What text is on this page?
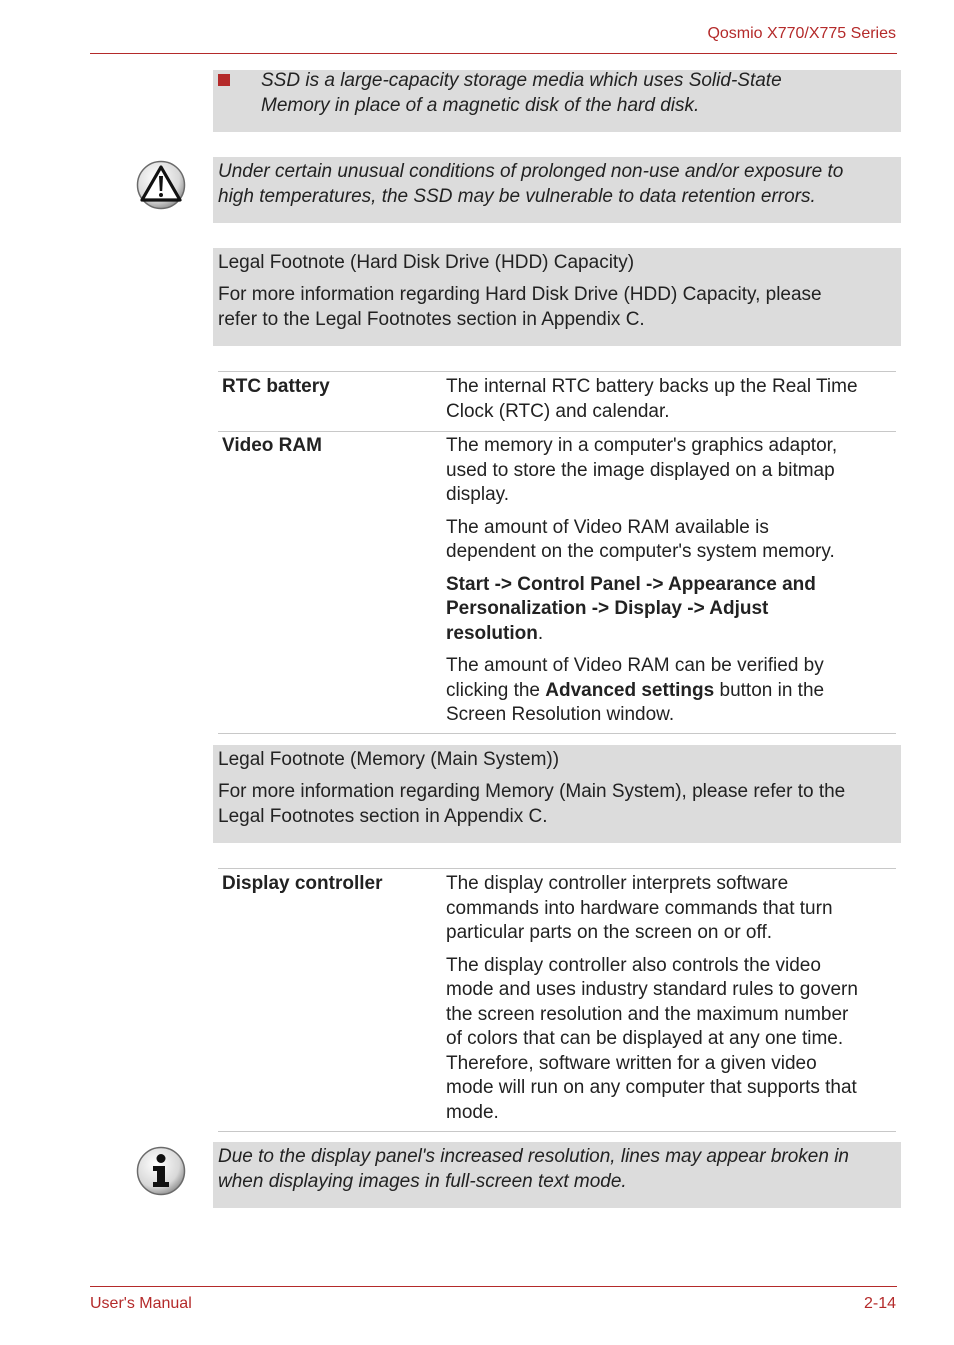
Qosmio X770/X775 Series
SSD is a large-capacity storage media which uses Solid-State
Memory in place of a magnetic disk of the hard disk.
Under certain unusual conditions of prolonged non-use and/or exposure to
high temperatures, the SSD may be vulnerable to data retention errors.
Legal Footnote (Hard Disk Drive (HDD) Capacity)
For more information regarding Hard Disk Drive (HDD) Capacity, please
refer to the Legal Footnotes section in Appendix C.
RTC battery	The internal RTC battery backs up the Real Time
Clock (RTC) and calendar.

Video RAM	The memory in a computer's graphics adaptor,
used to store the image displayed on a bitmap
display.

The amount of Video RAM available is
dependent on the computer's system memory.

Start -> Control Panel -> Appearance and
Personalization -> Display -> Adjust
resolution.

The amount of Video RAM can be verified by
clicking the Advanced settings button in the
Screen Resolution window.

Legal Footnote (Memory (Main System))
For more information regarding Memory (Main System), please refer to the
Legal Footnotes section in Appendix C.
Display controller	The display controller interprets software
commands into hardware commands that turn
particular parts on the screen on or off.

The display controller also controls the video
mode and uses industry standard rules to govern
the screen resolution and the maximum number
of colors that can be displayed at any one time.
Therefore, software written for a given video
mode will run on any computer that supports that
mode.

Due to the display panel's increased resolution, lines may appear broken in
when displaying images in full-screen text mode.
User's Manual	2-14
